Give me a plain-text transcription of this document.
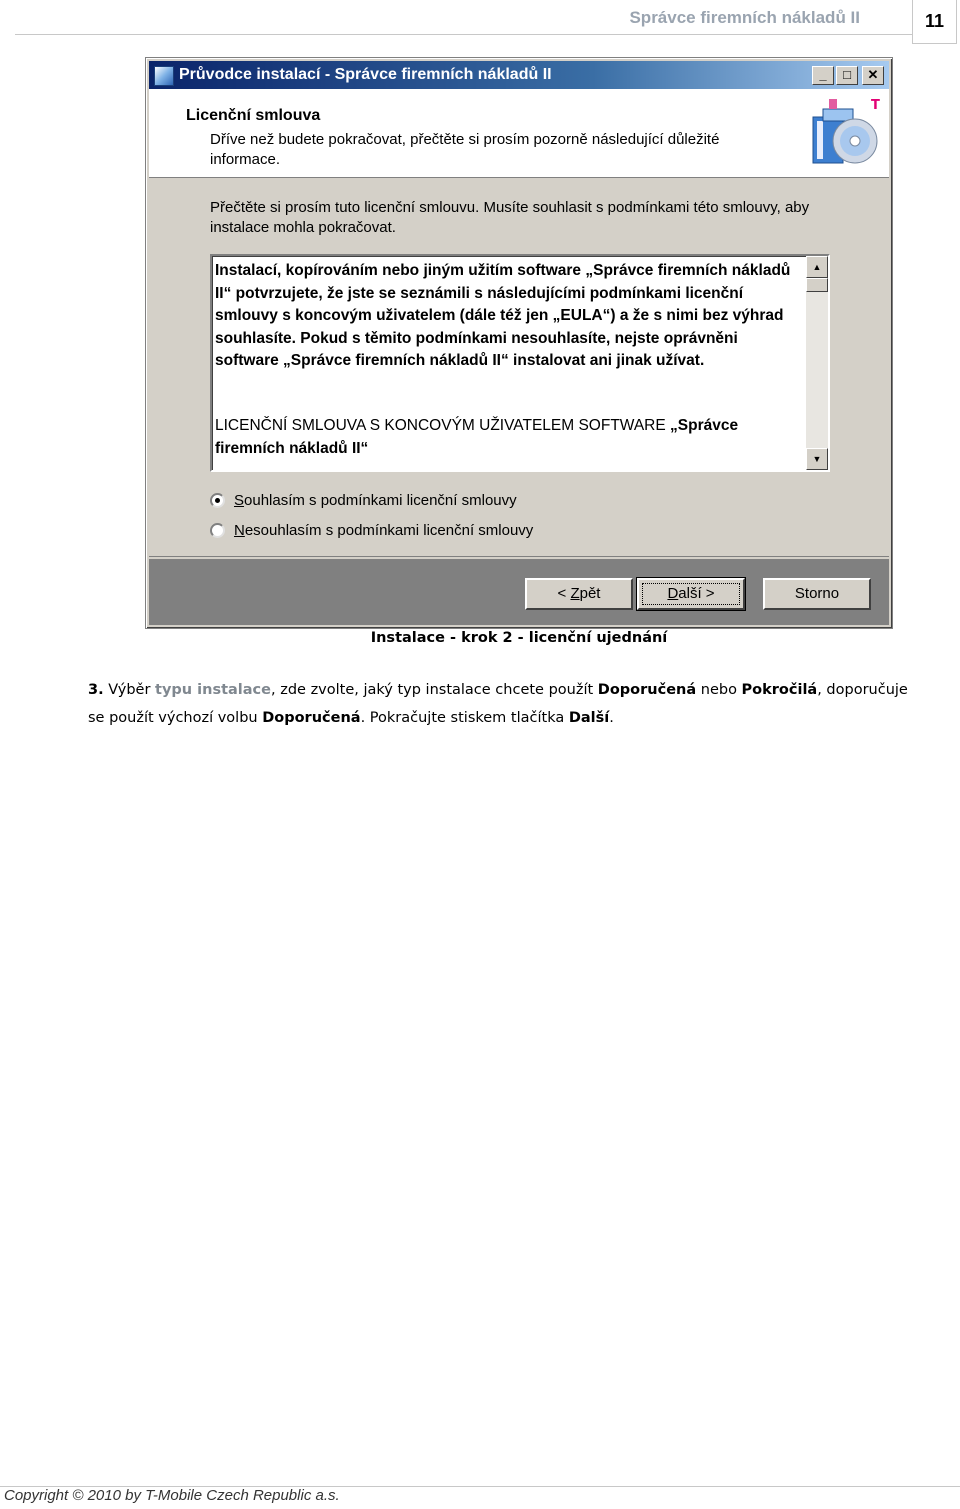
Správce firemních nákladů II	11
Průvodce instalací - Správce firemních nákladů II	_	□	✕
Licenční smlouva
Dříve než budete pokračovat, přečtěte si prosím pozorně následující důležité informace.
T
Přečtěte si prosím tuto licenční smlouvu. Musíte souhlasit s podmínkami této smlouvy, aby instalace mohla pokračovat.
Instalací, kopírováním nebo jiným užitím software „Správce firemních nákladů II“ potvrzujete, že jste se seznámili s následujícími podmínkami licenční smlouvy s koncovým uživatelem (dále též jen „EULA“) a že s nimi bez výhrad souhlasíte. Pokud s těmito podmínkami nesouhlasíte, nejste oprávněni software „Správce firemních nákladů II“ instalovat ani jinak užívat.
LICENČNÍ SMLOUVA S KONCOVÝM UŽIVATELEM SOFTWARE „Správce firemních nákladů II“
▲
▼
Souhlasím s podmínkami licenční smlouvy
Nesouhlasím s podmínkami licenční smlouvy
< Zpět	Další >	Storno
Instalace - krok 2 - licenční ujednání
3. Výběr typu instalace, zde zvolte, jaký typ instalace chcete použít Doporučená nebo Pokročilá, doporučuje se použít výchozí volbu Doporučená. Pokračujte stiskem tlačítka Další.
Copyright © 2010 by T-Mobile Czech Republic a.s.
